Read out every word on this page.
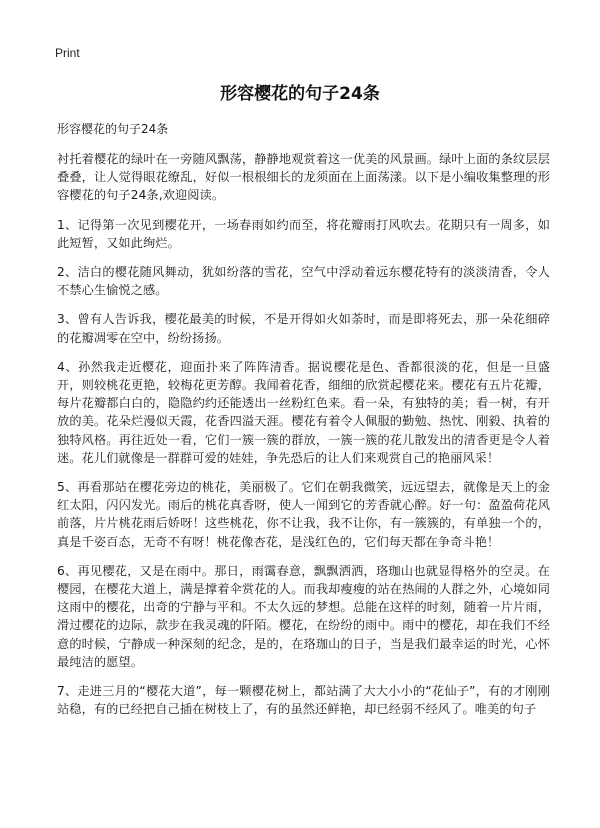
Print
形容樱花的句子24条

形容樱花的句子24条

衬托着樱花的绿叶在一旁随风飘荡，静静地观赏着这一优美的风景画。绿叶上面的条纹层层叠叠，让人觉得眼花缭乱，好似一根根细长的龙须面在上面荡漾。以下是小编收集整理的形容樱花的句子24条,欢迎阅读。

1、记得第一次见到樱花开，一场春雨如约而至，将花瓣雨打风吹去。花期只有一周多，如此短暂，又如此绚烂。

2、洁白的樱花随风舞动，犹如纷落的雪花，空气中浮动着远东樱花特有的淡淡清香，令人不禁心生愉悦之感。

3、曾有人告诉我，樱花最美的时候，不是开得如火如荼时，而是即将死去，那一朵花细碎的花瓣凋零在空中，纷纷扬扬。

4、孙然我走近樱花，迎面扑来了阵阵清香。据说樱花是色、香都很淡的花，但是一旦盛开，则较桃花更艳，较梅花更芳醇。我闻着花香，细细的欣赏起樱花来。樱花有五片花瓣，每片花瓣都白白的，隐隐约约还能透出一丝粉红色来。看一朵，有独特的美；看一树，有开放的美。花朵烂漫似天霞，花香四溢天涯。樱花有着令人佩服的勤勉、热忱、刚毅、执着的独特风格。再往近处一看，它们一簇一簇的群放，一簇一簇的花儿散发出的清香更是令人着迷。花儿们就像是一群群可爱的娃娃，争先恐后的让人们来观赏自己的艳丽风采！

5、再看那站在樱花旁边的桃花，美丽极了。它们在朝我微笑，远远望去，就像是天上的金红太阳，闪闪发光。雨后的桃花真香呀，使人一闻到它的芳香就心醉。好一句：盈盈荷花风前落，片片桃花雨后娇呀！这些桃花，你不让我，我不让你，有一簇簇的，有单独一个的，真是千姿百态，无奇不有呀！桃花像杏花，是浅红色的，它们每天都在争奇斗艳！

6、再见樱花，又是在雨中。那日，雨霭春意，飘飘洒洒，珞珈山也就显得格外的空灵。在樱园，在樱花大道上，满是撑着伞赏花的人。而我却瘦瘦的站在热闹的人群之外，心境如同这雨中的樱花，出奇的宁静与平和。不太久远的梦想。总能在这样的时刻，随着一片片雨，滑过樱花的边际，款步在我灵魂的阡陌。樱花，在纷纷的雨中。雨中的樱花，却在我们不经意的时候，宁静成一种深刻的纪念，是的，在珞珈山的日子，当是我们最幸运的时光，心怀最纯洁的愿望。

7、走进三月的“樱花大道”，每一颗樱花树上，都站满了大大小小的“花仙子”，有的才刚刚站稳，有的已经把自己插在树枝上了，有的虽然还鲜艳，却已经弱不经风了。唯美的句子
